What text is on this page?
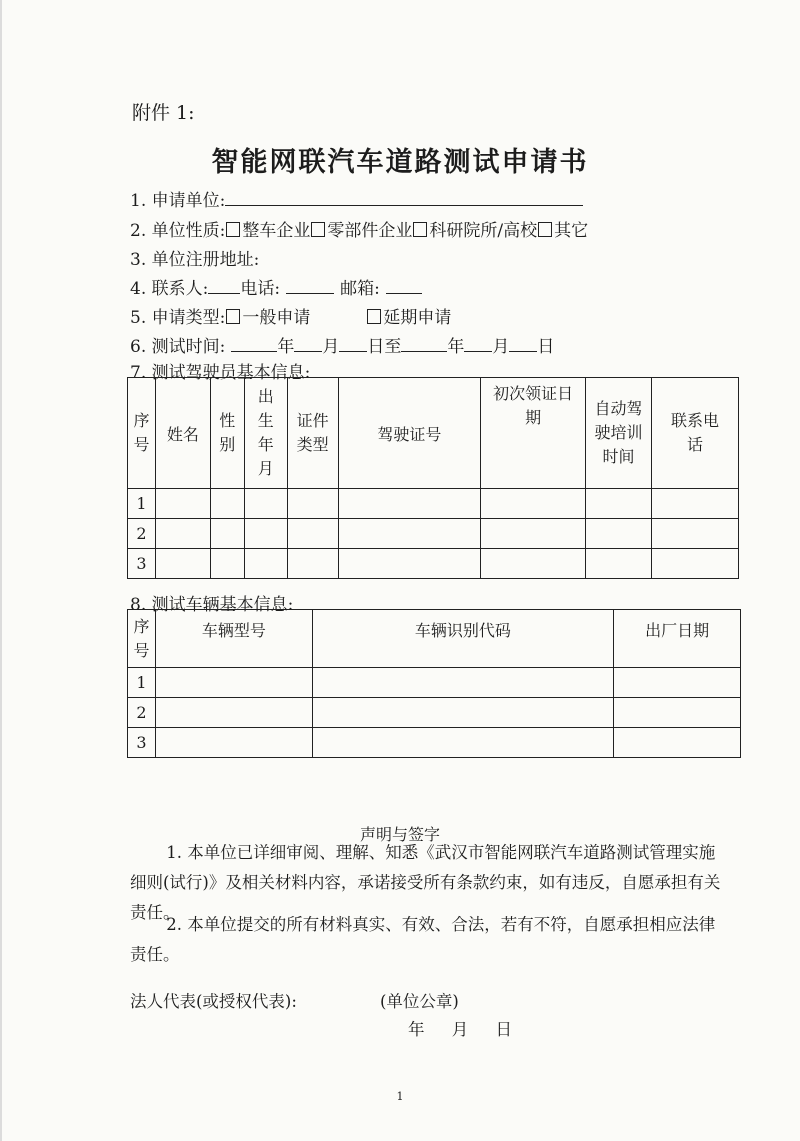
附件 1:
智能网联汽车道路测试申请书
1. 申请单位:
2. 单位性质: 整车企业 零部件企业 科研院所/高校 其它
3. 单位注册地址:
4. 联系人: 电话:	邮箱:
5. 申请类型: 一般申请	延期申请
6. 测试时间:	年 月 日至	年 月 日
7. 测试驾驶员基本信息:
序号	姓名	性别	出生年月	证件类型	驾驶证号	初次领证日期	自动驾驶培训时间	联系电话

1								
2								
3								
8. 测试车辆基本信息:
序号	车辆型号	车辆识别代码	出厂日期
1			
2			
3			
声明与签字
1. 本单位已详细审阅、理解、知悉《武汉市智能网联汽车道路测试管理实施细则(试行)》及相关材料内容，承诺接受所有条款约束，如有违反，自愿承担有关责任。
2. 本单位提交的所有材料真实、有效、合法，若有不符，自愿承担相应法律责任。
法人代表(或授权代表):	(单位公章)
年 月 日
1
